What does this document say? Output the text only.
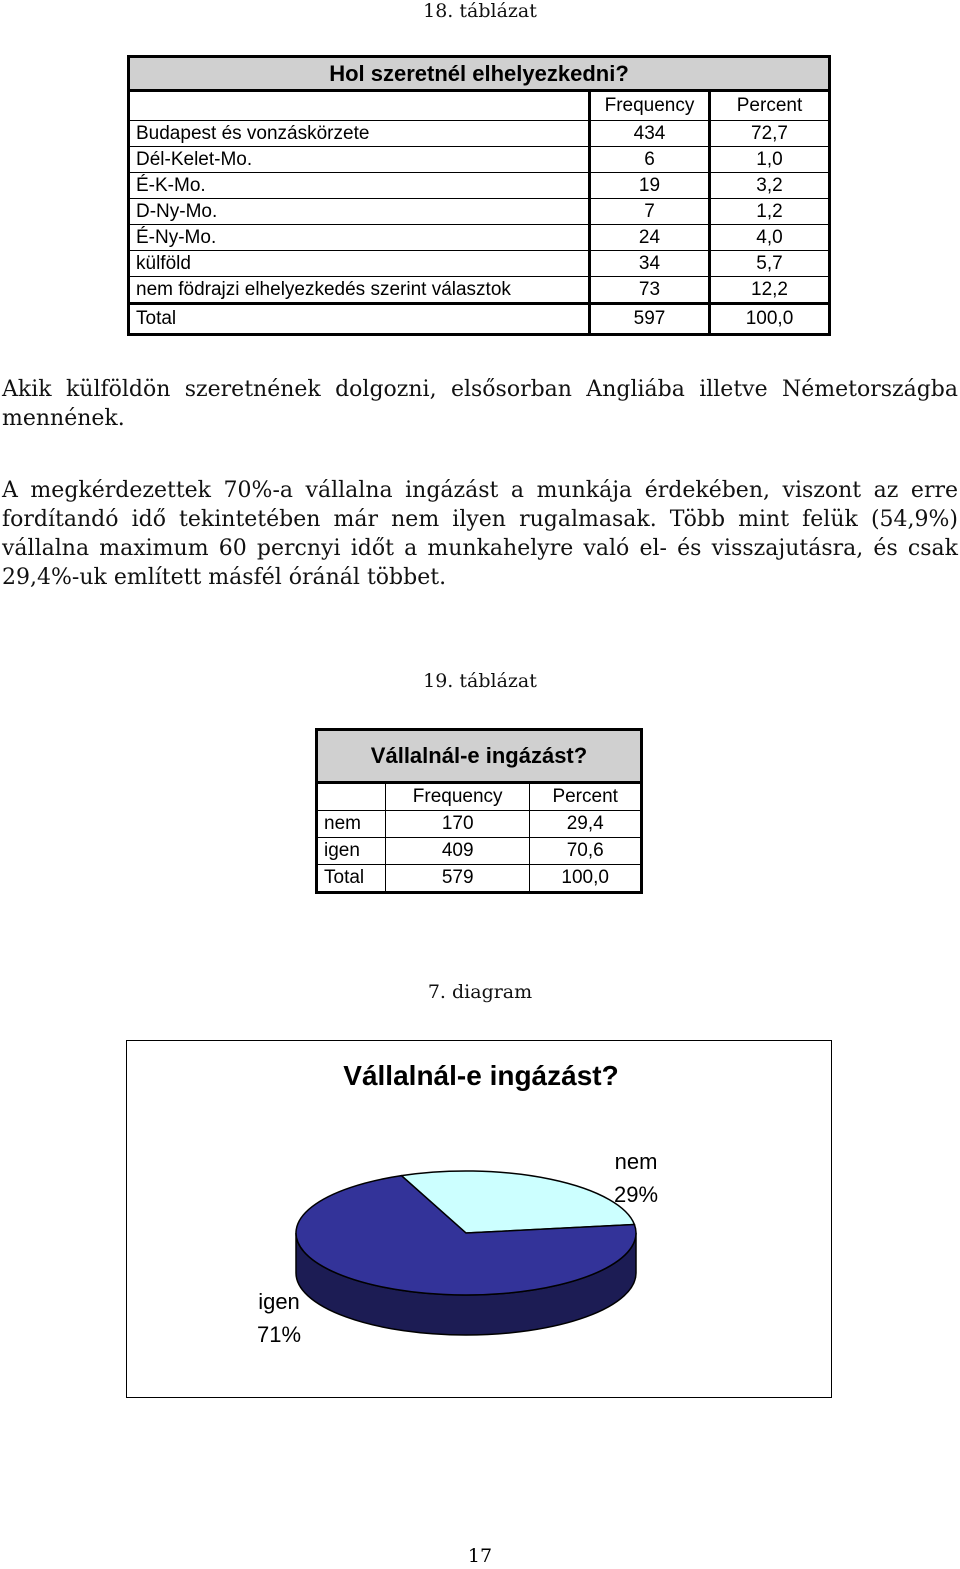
18. táblázat
Hol szeretnél elhelyezkedni?		
	Frequency	Percent
Budapest és vonzáskörzete	434	72,7
Dél-Kelet-Mo.	6	1,0
É-K-Mo.	19	3,2
D-Ny-Mo.	7	1,2
É-Ny-Mo.	24	4,0
külföld	34	5,7
nem födrajzi elhelyezkedés szerint választok	73	12,2
Total	597	100,0
Akik külföldön szeretnének dolgozni, elsősorban Angliába illetve Németországba
mennének.
A megkérdezettek 70%-a vállalna ingázást a munkája érdekében, viszont az erre
fordítandó idő tekintetében már nem ilyen rugalmasak. Több mint felük (54,9%)
vállalna maximum 60 percnyi időt a munkahelyre való el- és visszajutásra, és csak
29,4%-uk említett másfél óránál többet.
19. táblázat
Vállalnál-e ingázást?		
	Frequency	Percent
nem	170	29,4
igen	409	70,6
Total	579	100,0
7. diagram
Vállalnál-e ingázást?
nem
29%
igen
71%
17
